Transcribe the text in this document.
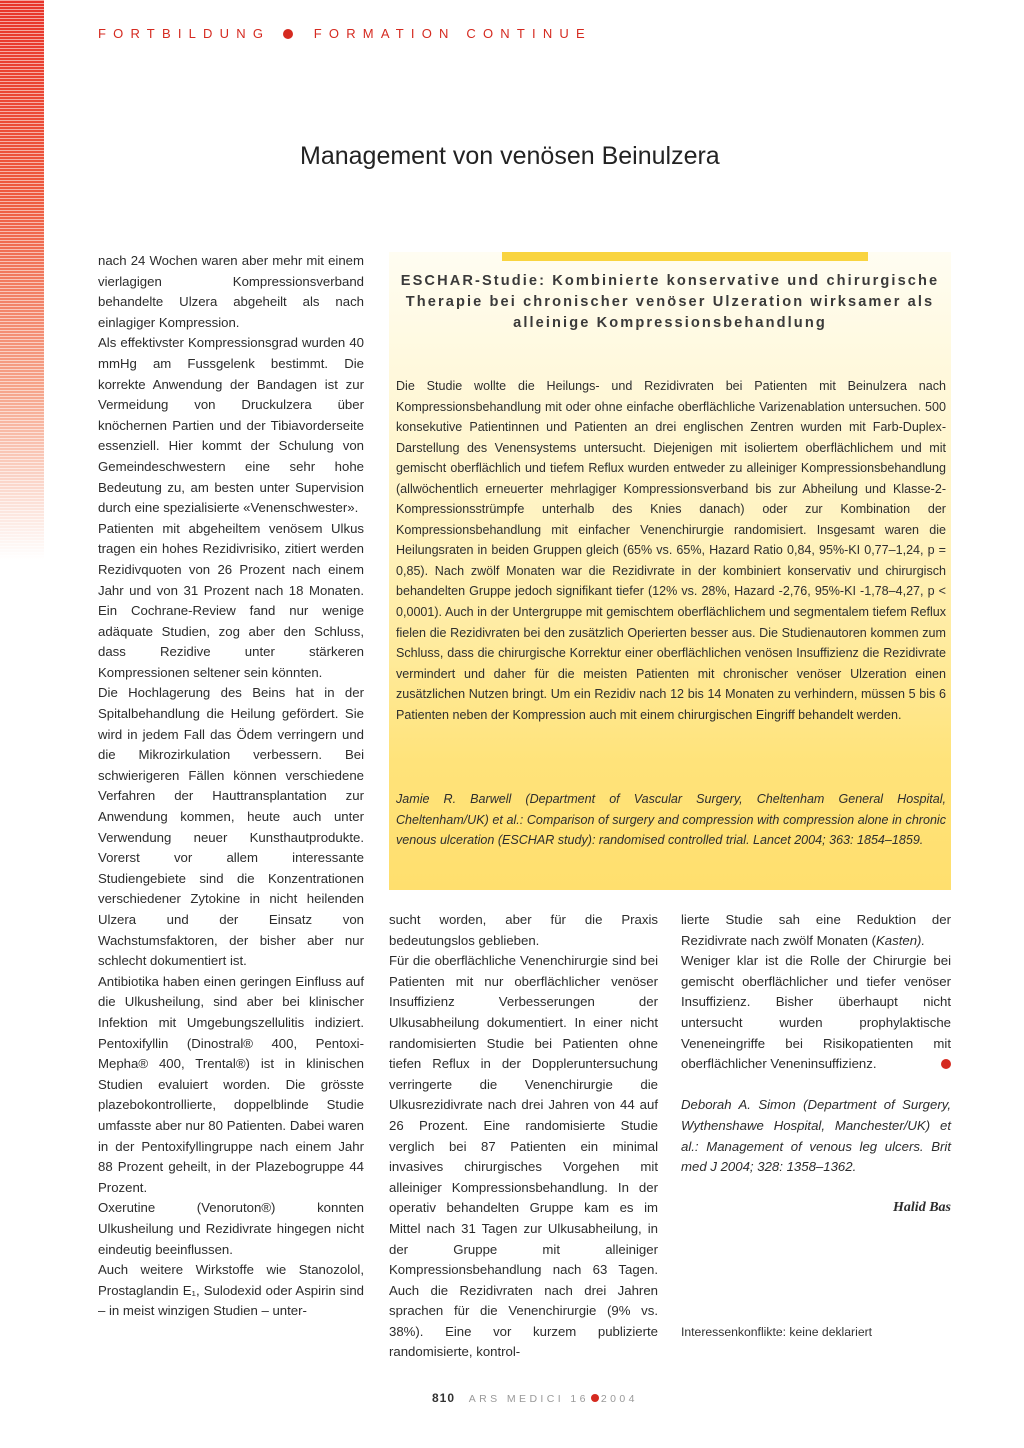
FORTBILDUNG	FORMATION CONTINUE
Management von venösen Beinulzera

nach 24 Wochen waren aber mehr mit einem vierlagigen Kompressionsverband behandelte Ulzera abgeheilt als nach einlagiger Kompression.

Als effektivster Kompressionsgrad wurden 40 mmHg am Fussgelenk bestimmt. Die korrekte Anwendung der Bandagen ist zur Vermeidung von Druckulzera über knöchernen Partien und der Tibiavorderseite essenziell. Hier kommt der Schulung von Gemeindeschwestern eine sehr hohe Bedeutung zu, am besten unter Supervision durch eine spezialisierte «Venenschwester».

Patienten mit abgeheiltem venösem Ulkus tragen ein hohes Rezidivrisiko, zitiert werden Rezidivquoten von 26 Prozent nach einem Jahr und von 31 Prozent nach 18 Monaten. Ein Cochrane-Review fand nur wenige adäquate Studien, zog aber den Schluss, dass Rezidive unter stärkeren Kompressionen seltener sein könnten.

Die Hochlagerung des Beins hat in der Spitalbehandlung die Heilung gefördert. Sie wird in jedem Fall das Ödem verringern und die Mikrozirkulation verbessern. Bei schwierigeren Fällen können verschiedene Verfahren der Hauttransplantation zur Anwendung kommen, heute auch unter Verwendung neuer Kunsthautprodukte. Vorerst vor allem interessante Studiengebiete sind die Konzentrationen verschiedener Zytokine in nicht heilenden Ulzera und der Einsatz von Wachstumsfaktoren, der bisher aber nur schlecht dokumentiert ist.

Antibiotika haben einen geringen Einfluss auf die Ulkusheilung, sind aber bei klinischer Infektion mit Umgebungszellulitis indiziert. Pentoxifyllin (Dinostral® 400, Pentoxi-Mepha® 400, Trental®) ist in klinischen Studien evaluiert worden. Die grösste plazebokontrollierte, doppelblinde Studie umfasste aber nur 80 Patienten. Dabei waren in der Pentoxifyllingruppe nach einem Jahr 88 Prozent geheilt, in der Plazebogruppe 44 Prozent.

Oxerutine (Venoruton®) konnten Ulkusheilung und Rezidivrate hingegen nicht eindeutig beeinflussen.

Auch weitere Wirkstoffe wie Stanozolol, Prostaglandin E₁, Sulodexid oder Aspirin sind – in meist winzigen Studien – unter-

ESCHAR-Studie: Kombinierte konservative und chirurgische Therapie bei chronischer venöser Ulzeration wirksamer als alleinige Kompressionsbehandlung
Die Studie wollte die Heilungs- und Rezidivraten bei Patienten mit Beinulzera nach Kompressionsbehandlung mit oder ohne einfache oberflächliche Varizenablation untersuchen. 500 konsekutive Patientinnen und Patienten an drei englischen Zentren wurden mit Farb-Duplex-Darstellung des Venensystems untersucht. Diejenigen mit isoliertem oberflächlichem und mit gemischt oberflächlich und tiefem Reflux wurden entweder zu alleiniger Kompressionsbehandlung (allwöchentlich erneuerter mehrlagiger Kompressionsverband bis zur Abheilung und Klasse-2-Kompressionsstrümpfe unterhalb des Knies danach) oder zur Kombination der Kompressionsbehandlung mit einfacher Venenchirurgie randomisiert. Insgesamt waren die Heilungsraten in beiden Gruppen gleich (65% vs. 65%, Hazard Ratio 0,84, 95%-KI 0,77–1,24, p = 0,85). Nach zwölf Monaten war die Rezidivrate in der kombiniert konservativ und chirurgisch behandelten Gruppe jedoch signifikant tiefer (12% vs. 28%, Hazard -2,76, 95%-KI -1,78–4,27, p < 0,0001). Auch in der Untergruppe mit gemischtem oberflächlichem und segmentalem tiefem Reflux fielen die Rezidivraten bei den zusätzlich Operierten besser aus. Die Studienautoren kommen zum Schluss, dass die chirurgische Korrektur einer oberflächlichen venösen Insuffizienz die Rezidivrate vermindert und daher für die meisten Patienten mit chronischer venöser Ulzeration einen zusätzlichen Nutzen bringt. Um ein Rezidiv nach 12 bis 14 Monaten zu verhindern, müssen 5 bis 6 Patienten neben der Kompression auch mit einem chirurgischen Eingriff behandelt werden.
Jamie R. Barwell (Department of Vascular Surgery, Cheltenham General Hospital, Cheltenham/UK) et al.: Comparison of surgery and compression with compression alone in chronic venous ulceration (ESCHAR study): randomised controlled trial. Lancet 2004; 363: 1854–1859.

sucht worden, aber für die Praxis bedeutungslos geblieben.

Für die oberflächliche Venenchirurgie sind bei Patienten mit nur oberflächlicher venöser Insuffizienz Verbesserungen der Ulkusabheilung dokumentiert. In einer nicht randomisierten Studie bei Patienten ohne tiefen Reflux in der Doppleruntersuchung verringerte die Venenchirurgie die Ulkusrezidivrate nach drei Jahren von 44 auf 26 Prozent. Eine randomisierte Studie verglich bei 87 Patienten ein minimal invasives chirurgisches Vorgehen mit alleiniger Kompressionsbehandlung. In der operativ behandelten Gruppe kam es im Mittel nach 31 Tagen zur Ulkusabheilung, in der Gruppe mit alleiniger Kompressionsbehandlung nach 63 Tagen. Auch die Rezidivraten nach drei Jahren sprachen für die Venenchirurgie (9% vs. 38%). Eine vor kurzem publizierte randomisierte, kontrol-

lierte Studie sah eine Reduktion der Rezidivrate nach zwölf Monaten (Kasten).

Weniger klar ist die Rolle der Chirurgie bei gemischt oberflächlicher und tiefer venöser Insuffizienz. Bisher überhaupt nicht untersucht wurden prophylaktische Veneneingriffe bei Risikopatienten mit oberflächlicher Veneninsuffizienz.

Deborah A. Simon (Department of Surgery, Wythenshawe Hospital, Manchester/UK) et al.: Management of venous leg ulcers. Brit med J 2004; 328: 1358–1362.

Halid Bas

Interessenkonflikte: keine deklariert
810 ARS MEDICI 16 2004
